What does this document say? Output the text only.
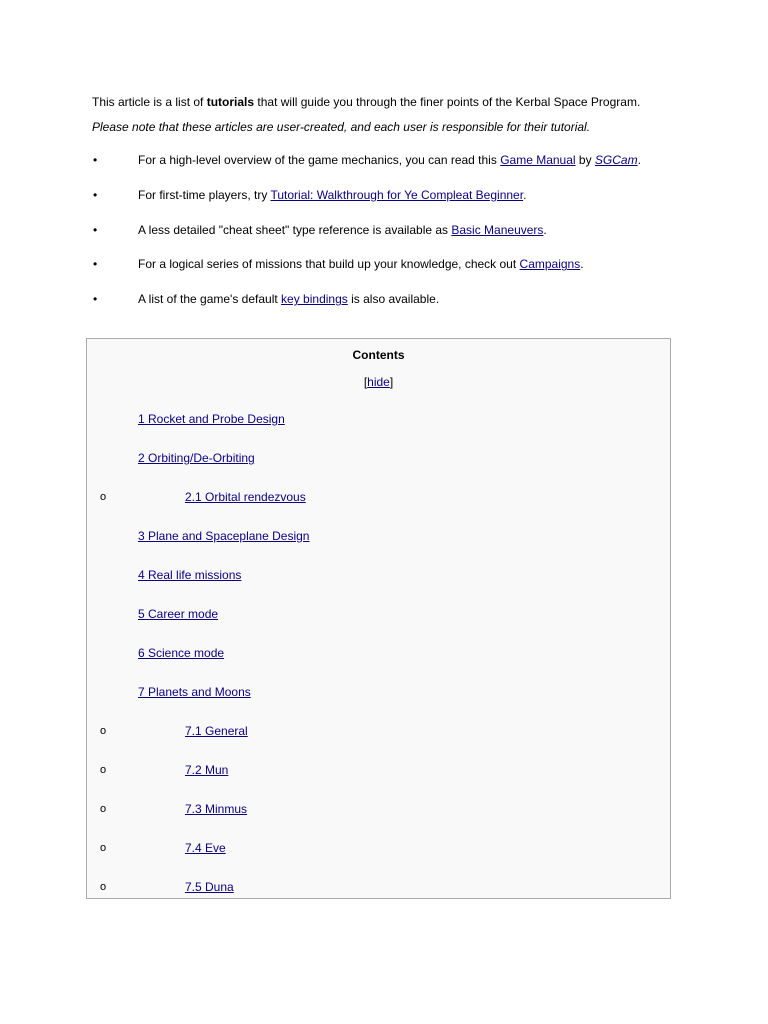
This article is a list of tutorials that will guide you through the finer points of the Kerbal Space Program.

Please note that these articles are user-created, and each user is responsible for their tutorial.

•	For a high-level overview of the game mechanics, you can read this Game Manual by SGCam.
•	For first-time players, try Tutorial: Walkthrough for Ye Compleat Beginner.
•	A less detailed "cheat sheet" type reference is available as Basic Maneuvers.
•	For a logical series of missions that build up your knowledge, check out Campaigns.
•	A list of the game's default key bindings is also available.
Contents
[hide]
1 Rocket and Probe Design
2 Orbiting/De-Orbiting
o	2.1 Orbital rendezvous
3 Plane and Spaceplane Design
4 Real life missions
5 Career mode
6 Science mode
7 Planets and Moons
o	7.1 General
o	7.2 Mun
o	7.3 Minmus
o	7.4 Eve
o	7.5 Duna
